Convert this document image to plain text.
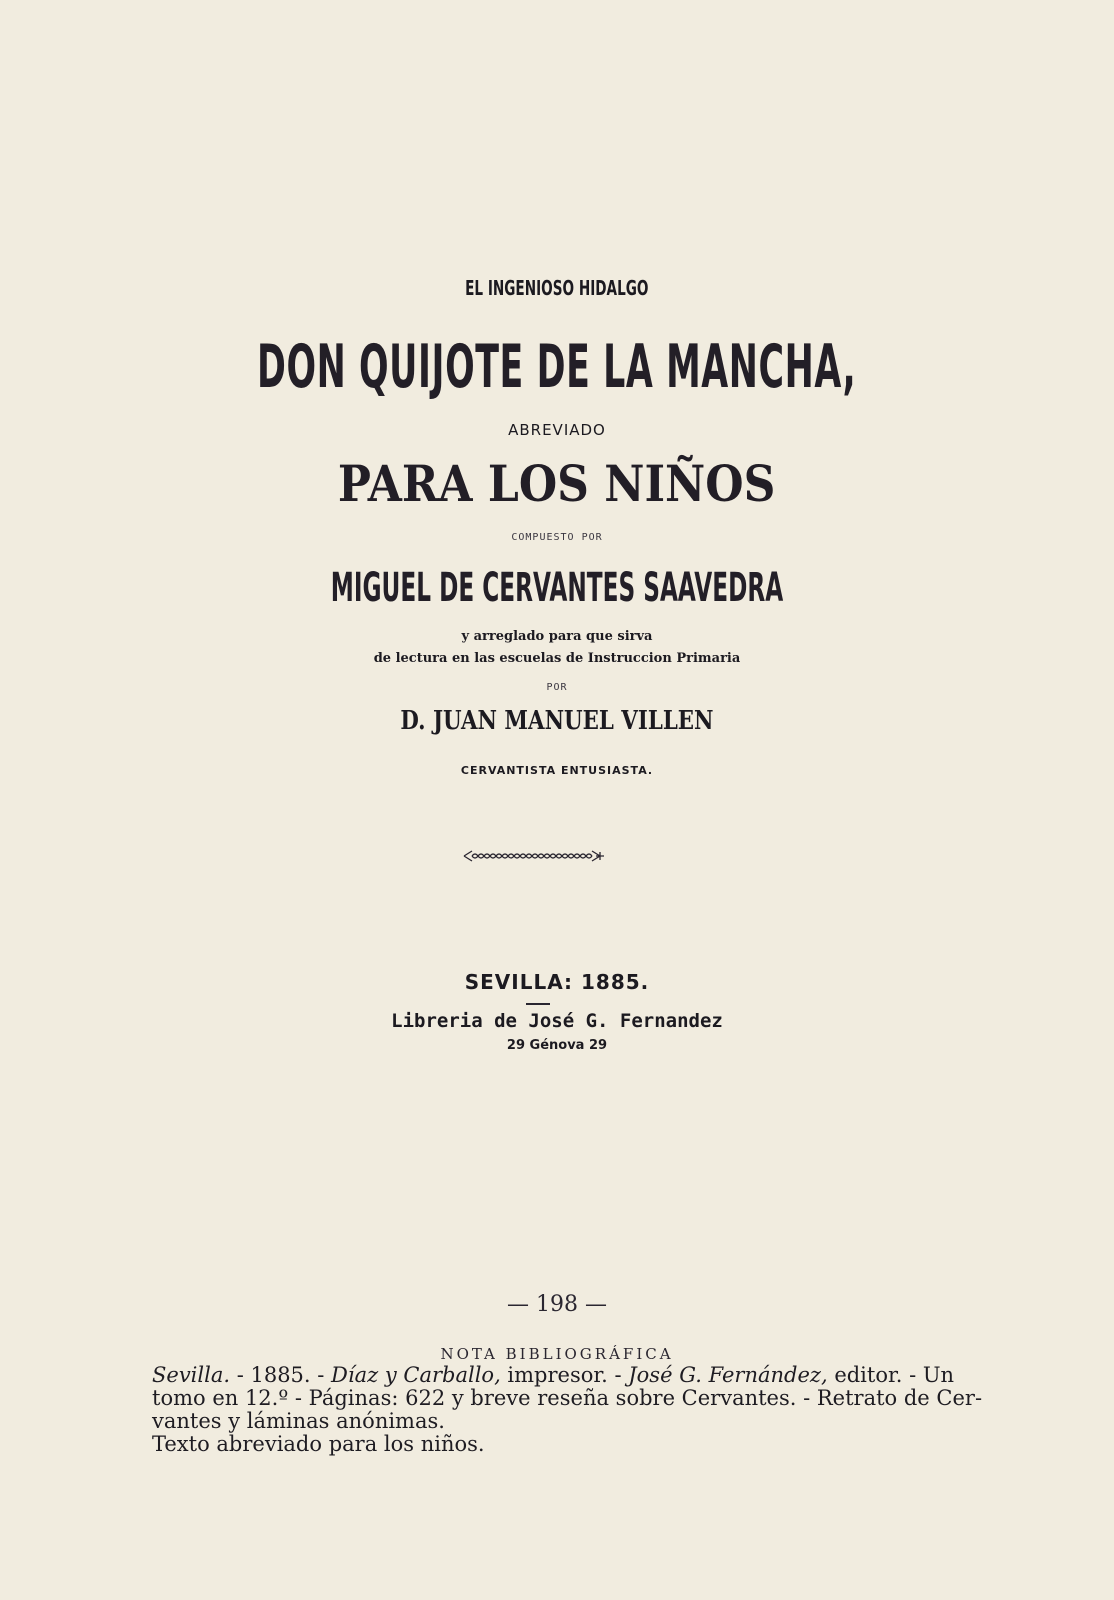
EL INGENIOSO HIDALGO
DON QUIJOTE DE LA MANCHA,
ABREVIADO
PARA LOS NIÑOS
COMPUESTO POR
MIGUEL DE CERVANTES SAAVEDRA
y arreglado para que sirva
de lectura en las escuelas de Instruccion Primaria
POR
D. JUAN MANUEL VILLEN
CERVANTISTA ENTUSIASTA.
SEVILLA: 1885.
Libreria de José G. Fernandez
29 Génova 29
— 198 —
NOTA BIBLIOGRÁFICA
Sevilla. - 1885. - Díaz y Carballo, impresor. - José G. Fernández, editor. - Un
tomo en 12.º - Páginas: 622 y breve reseña sobre Cervantes. - Retrato de Cer-
vantes y láminas anónimas.
Texto abreviado para los niños.
